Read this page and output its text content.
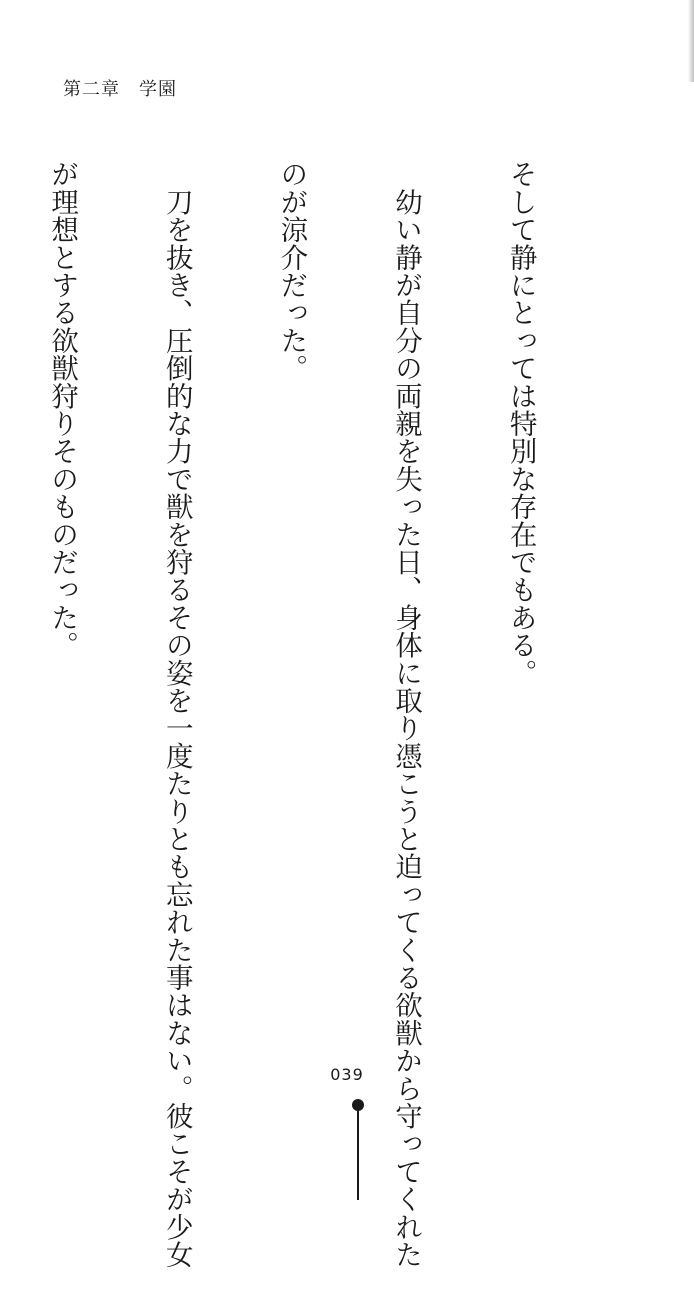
第二章　 学園

そして静にとっては特別な存在でもある。

　幼い静が自分の両親を失った日、身体に取り憑こうと迫ってくる欲獣から守ってくれた

のが涼介だった。

　刀を抜き、圧倒的な力で獣を狩るその姿を一度たりとも忘れた事はない。彼こそが少女

が理想とする欲獣狩りそのものだった。

039
